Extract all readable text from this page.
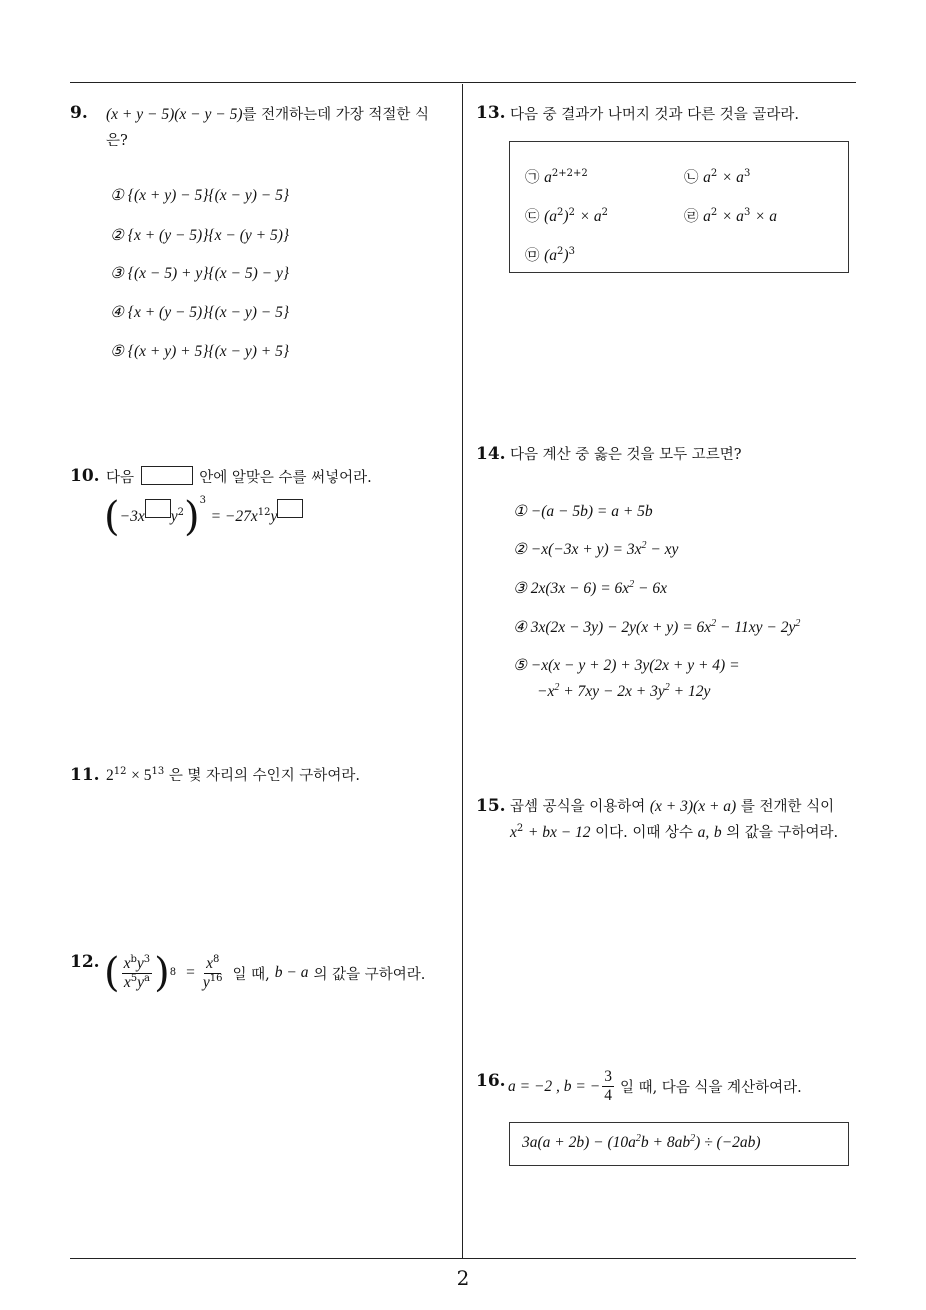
2
9. (x + y − 5)(x − y − 5)를 전개하는데 가장 적절한 식
은?
① {(x + y) − 5}{(x − y) − 5}
② {x + (y − 5)}{x − (y + 5)}
③ {(x − 5) + y}{(x − 5) − y}
④ {x + (y − 5)}{(x − y) − 5}
⑤ {(x + y) + 5}{(x − y) + 5}
10. 다음	안에 알맞은 수를 써넣어라.
(−3x $y^2)^3 = -27x^{12}y$
11. $2^{12} \times 5^{13}$ 은 몇 자리의 수인지 구하여라.
12. ( $\frac{x^by^3}{x^5y^a}$ ) $8 = \frac{x^8}{y^{16}}$ 일 때, b − a 의 값을 구하여라.
13. 다음 중 결과가 나머지 것과 다른 것을 골라라.
㉠ $a^{2+2+2}$	㉡ $a^2 \times a^3$
㉢ $(a^2)^2 \times a^2$	㉣ $a^2 \times a^3 \times a$
㉤ $(a^2)^3$
14. 다음 계산 중 옳은 것을 모두 고르면?
① −(a − 5b) = a + 5b
② $-x(-3x + y) = 3x^2$ − xy
③ $2x(3x - 6) = 6x^2 - 6x$
④ $3x(2x - 3y) - 2y(x + y) = 6x^2 - 11xy - 2y^2$
⑤ −x(x − y + 2) + 3y(2x + y + 4) =
$-x^2 + 7xy - 2x + 3y^2 + 12y$
15. 곱셈 공식을 이용하여 (x + 3)(x + a) 를 전개한 식이
$x^2$ + bx − 12 이다. 이때 상수 a, b 의 값을 구하여라.
16. a = −2 , b = − $\frac{3}{4}$ 일 때, 다음 식을 계산하여라.
$3a(a + 2b) - (10a^2b + 8ab^2) \div (-2ab)$
